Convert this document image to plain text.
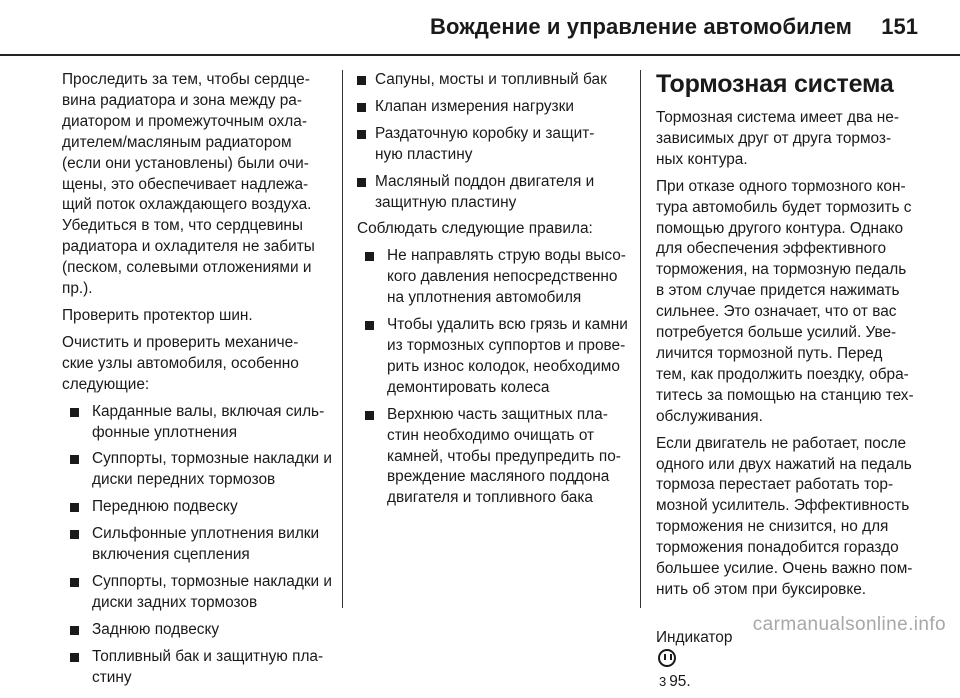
Вождение и управление автомобилем 151

Проследить за тем, чтобы сердце-
вина радиатора и зона между ра-
диатором и промежуточным охла-
дителем/масляным радиатором
(если они установлены) были очи-
щены, это обеспечивает надлежа-
щий поток охлаждающего воздуха.
Убедиться в том, что сердцевины
радиатора и охладителя не забиты
(песком, солевыми отложениями и
пр.).

Проверить протектор шин.

Очистить и проверить механиче-
ские узлы автомобиля, особенно
следующие:

Карданные валы, включая силь-
фонные уплотнения
Суппорты, тормозные накладки и
диски передних тормозов
Переднюю подвеску
Сильфонные уплотнения вилки
включения сцепления
Суппорты, тормозные накладки и
диски задних тормозов
Заднюю подвеску
Топливный бак и защитную пла-
стину
Сапуны, мосты и топливный бак
Клапан измерения нагрузки
Раздаточную коробку и защит-
ную пластину
Масляный поддон двигателя и
защитную пластину

Соблюдать следующие правила:

Не направлять струю воды высо-
кого давления непосредственно
на уплотнения автомобиля
Чтобы удалить всю грязь и камни
из тормозных суппортов и прове-
рить износ колодок, необходимо
демонтировать колеса
Верхнюю часть защитных пла-
стин необходимо очищать от
камней, чтобы предупредить по-
вреждение масляного поддона
двигателя и топливного бака
Тормозная система

Тормозная система имеет два не-
зависимых друг от друга тормоз-
ных контура.

При отказе одного тормозного кон-
тура автомобиль будет тормозить с
помощью другого контура. Однако
для обеспечения эффективного
торможения, на тормозную педаль
в этом случае придется нажимать
сильнее. Это означает, что от вас
потребуется больше усилий. Уве-
личится тормозной путь. Перед
тем, как продолжить поездку, обра-
титесь за помощью на станцию тех-
обслуживания.

Если двигатель не работает, после
одного или двух нажатий на педаль
тормоза перестает работать тор-
мозной усилитель. Эффективность
торможения не снизится, но для
торможения понадобится гораздо
большее усилие. Очень важно пом-
нить об этом при буксировке.

Индикатор

3 95.

carmanualsonline.info
